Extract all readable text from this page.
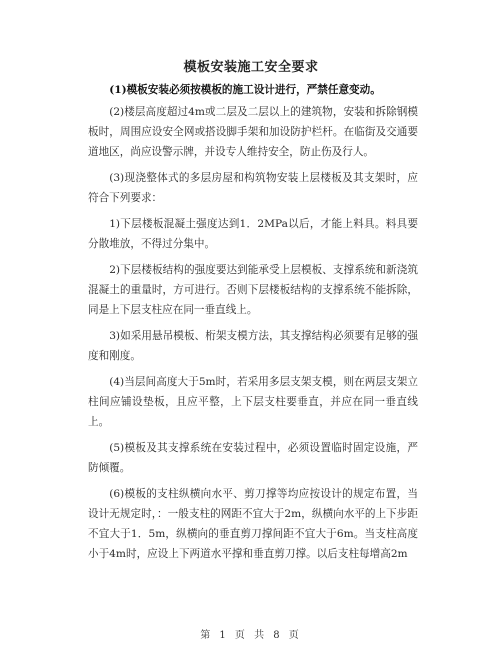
模板安装施工安全要求

(1)模板安装必须按模板的施工设计进行，严禁任意变动。

(2)楼层高度超过4m或二层及二层以上的建筑物，安装和拆除钢模板时，周围应设安全网或搭设脚手架和加设防护栏杆。在临街及交通要道地区，尚应设警示牌，并设专人维持安全，防止伤及行人。

(3)现浇整体式的多层房屋和构筑物安装上层楼板及其支架时，应符合下列要求：

1)下层楼板混凝土强度达到1．2MPa以后，才能上料具。料具要分散堆放，不得过分集中。

2)下层楼板结构的强度要达到能承受上层模板、支撑系统和新浇筑混凝土的重量时，方可进行。否则下层楼板结构的支撑系统不能拆除，同是上下层支柱应在同一垂直线上。

3)如采用悬吊模板、桁架支模方法，其支撑结构必须要有足够的强度和刚度。

(4)当层间高度大于5m时，若采用多层支架支模，则在两层支架立柱间应铺设垫板，且应平整，上下层支柱要垂直，并应在同一垂直线上。

(5)模板及其支撑系统在安装过程中，必须设置临时固定设施，严防倾覆。

(6)模板的支柱纵横向水平、剪刀撑等均应按设计的规定布置，当设计无规定时，：一般支柱的网距不宜大于2m，纵横向水平的上下步距不宜大于1．5m，纵横向的垂直剪刀撑间距不宜大于6m。当支柱高度小于4m时，应设上下两道水平撑和垂直剪刀撑。以后支柱每增高2m

第 1 页 共 8 页
